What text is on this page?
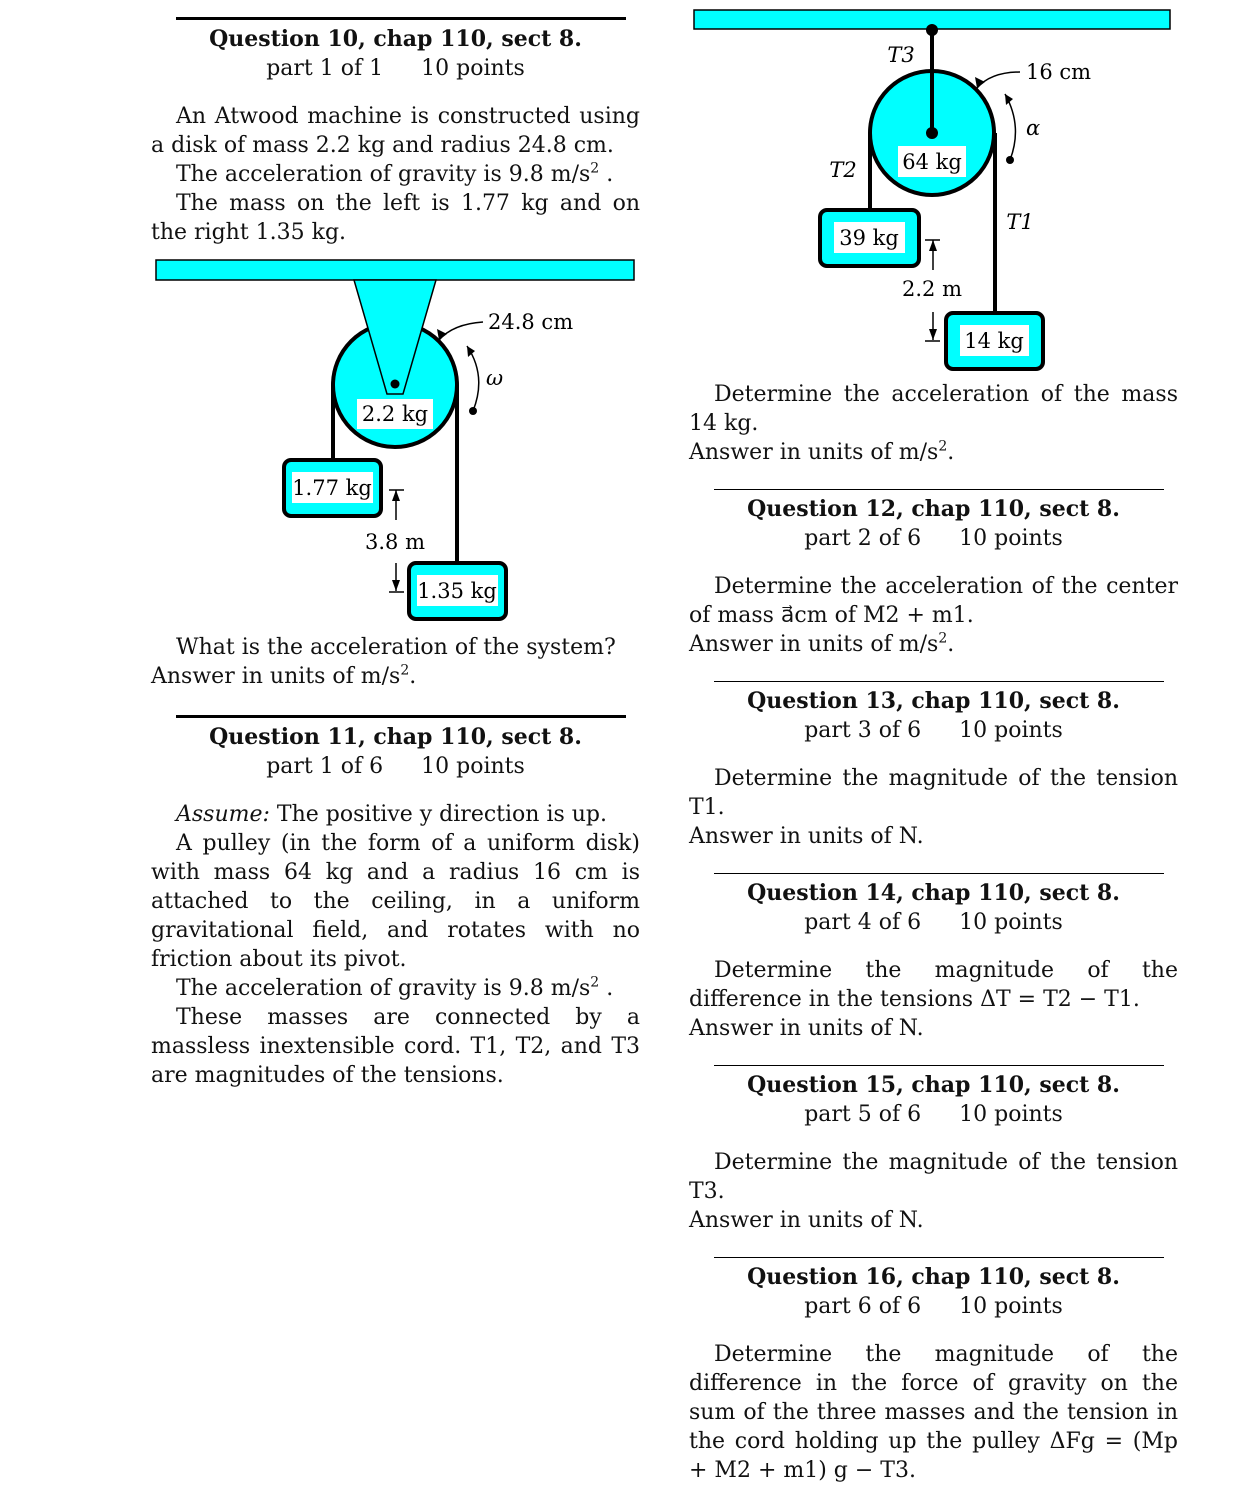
Question 10, chap 110, sect 8.
part 1 of 1 10 points

An Atwood machine is constructed using a disk of mass 2.2 kg and radius 24.8 cm.

The acceleration of gravity is 9.8 $m/s^2$ .

The mass on the left is 1.77 kg and on the right 1.35 kg.

2.2 kg
24.8 cm
ω
1.77 kg
1.35 kg
3.8 m

What is the acceleration of the system?

Answer in units of $m/s^2$.

Question 11, chap 110, sect 8.
part 1 of 6 10 points

Assume: The positive y direction is up.

A pulley (in the form of a uniform disk) with mass 64 kg and a radius 16 cm is attached to the ceiling, in a uniform gravitational field, and rotates with no friction about its pivot.

The acceleration of gravity is 9.8 $m/s^2$ .

These masses are connected by a massless inextensible cord. T1, T2, and T3 are magnitudes of the tensions.

T3
64 kg
T2
T1
16 cm
α
39 kg
14 kg
2.2 m

Determine the acceleration of the mass 14 kg.

Answer in units of $m/s^2$.

Question 12, chap 110, sect 8.
part 2 of 6 10 points

Determine the acceleration of the center of mass a⃗cm of M2 + m1.

Answer in units of $m/s^2$.

Question 13, chap 110, sect 8.
part 3 of 6 10 points

Determine the magnitude of the tension T1.

Answer in units of N.

Question 14, chap 110, sect 8.
part 4 of 6 10 points

Determine the magnitude of the difference in the tensions ΔT = T2 − T1.

Answer in units of N.

Question 15, chap 110, sect 8.
part 5 of 6 10 points

Determine the magnitude of the tension T3.

Answer in units of N.

Question 16, chap 110, sect 8.
part 6 of 6 10 points

Determine the magnitude of the difference in the force of gravity on the sum of the three masses and the tension in the cord holding up the pulley ΔFg = (Mp + M2 + m1) g − T3.
